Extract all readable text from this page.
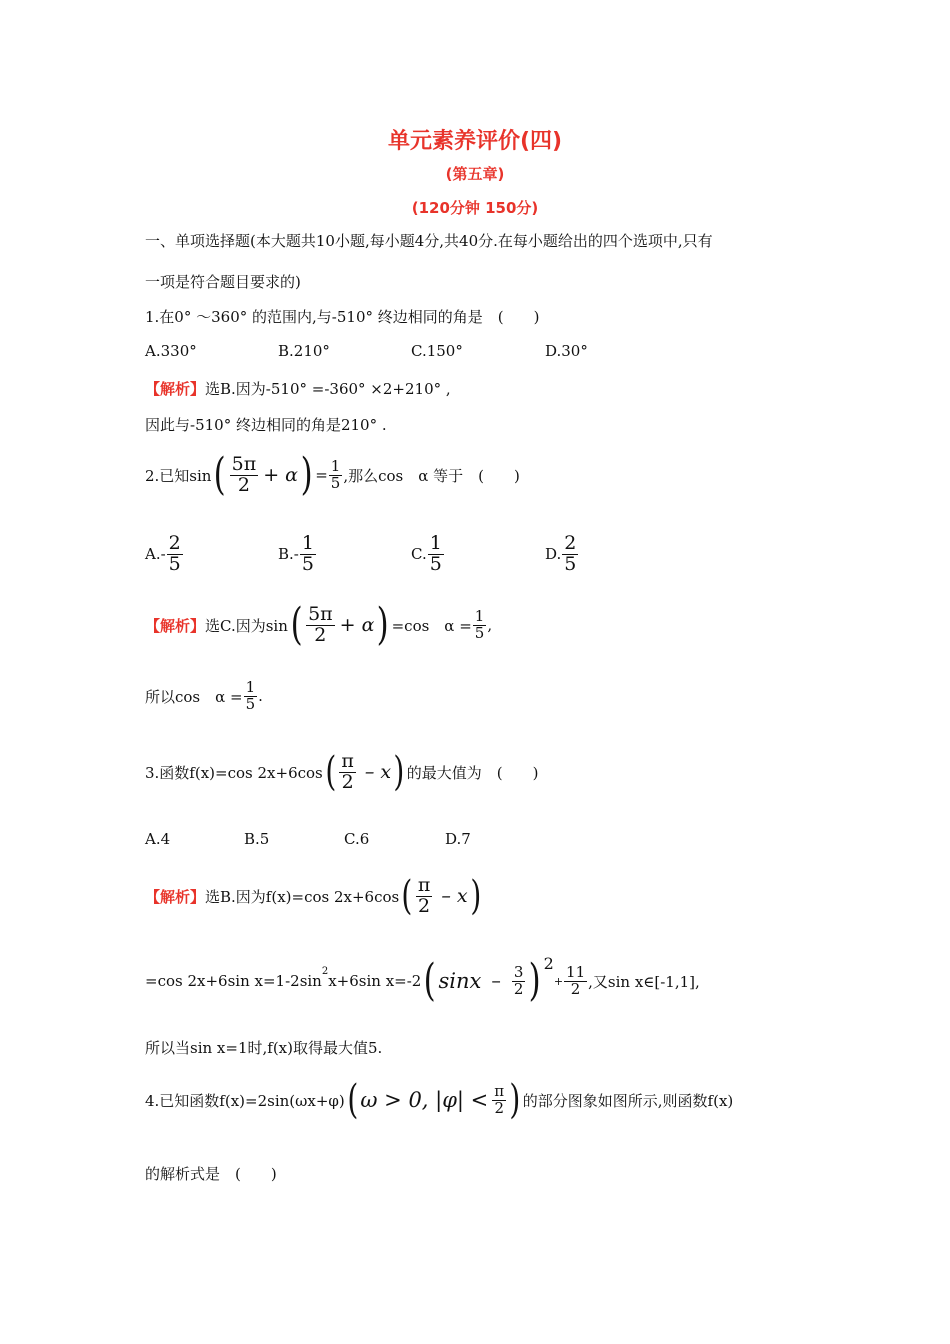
单元素养评价(四)
(第五章)
(120分钟 150分)
一、单项选择题(本大题共10小题,每小题4分,共40分.在每小题给出的四个选项中,只有
一项是符合题目要求的)
1.在0° ～360° 的范围内,与-510° 终边相同的角是　(　　)
A.330°	B.210°	C.150°	D.30°
【解析】选B.因为-510° =-360° ×2+210° ,
因此与-510° 终边相同的角是210° .
2.已知sin ( $\frac{5\pi}{2} + \alpha$ ) = $\frac{1}{5}$ ,那么cos　α 等于　(　　)
$A.- \frac{2}{5}$	$B.- \frac{1}{5}$	C. $\frac{1}{5}$	D. $\frac{2}{5}$
【解析】 选C.因为sin ( $\frac{5\pi}{2} + \alpha$ ) =cos　$\alpha = \frac{1}{5}$ ,
所以cos　$\alpha = \frac{1}{5}$ .
3.函数f(x)=cos 2x+6cos ( $\frac{\pi}{2}$ – x ) 的最大值为　(　　)
A.4	B.5	C.6	D.7
【解析】 选B.因为f(x)=cos 2x+6cos ( $\frac{\pi}{2}$ – x )
=cos 2x+6sin x=1-2sin
$^2$
x+6sin x=-2 ( sinx – $\frac{3}{2}$ ) 2
+ $\frac{11}{2}$ ,又sin x∈[-1,1],
所以当sin x=1时,f(x)取得最大值5.
4.已知函数f(x)=2sin(ωx+φ) ( ω > 0, $|\varphi| < \frac{\pi}{2}$ ) 的部分图象如图所示,则函数f(x)
的解析式是　(　　)
